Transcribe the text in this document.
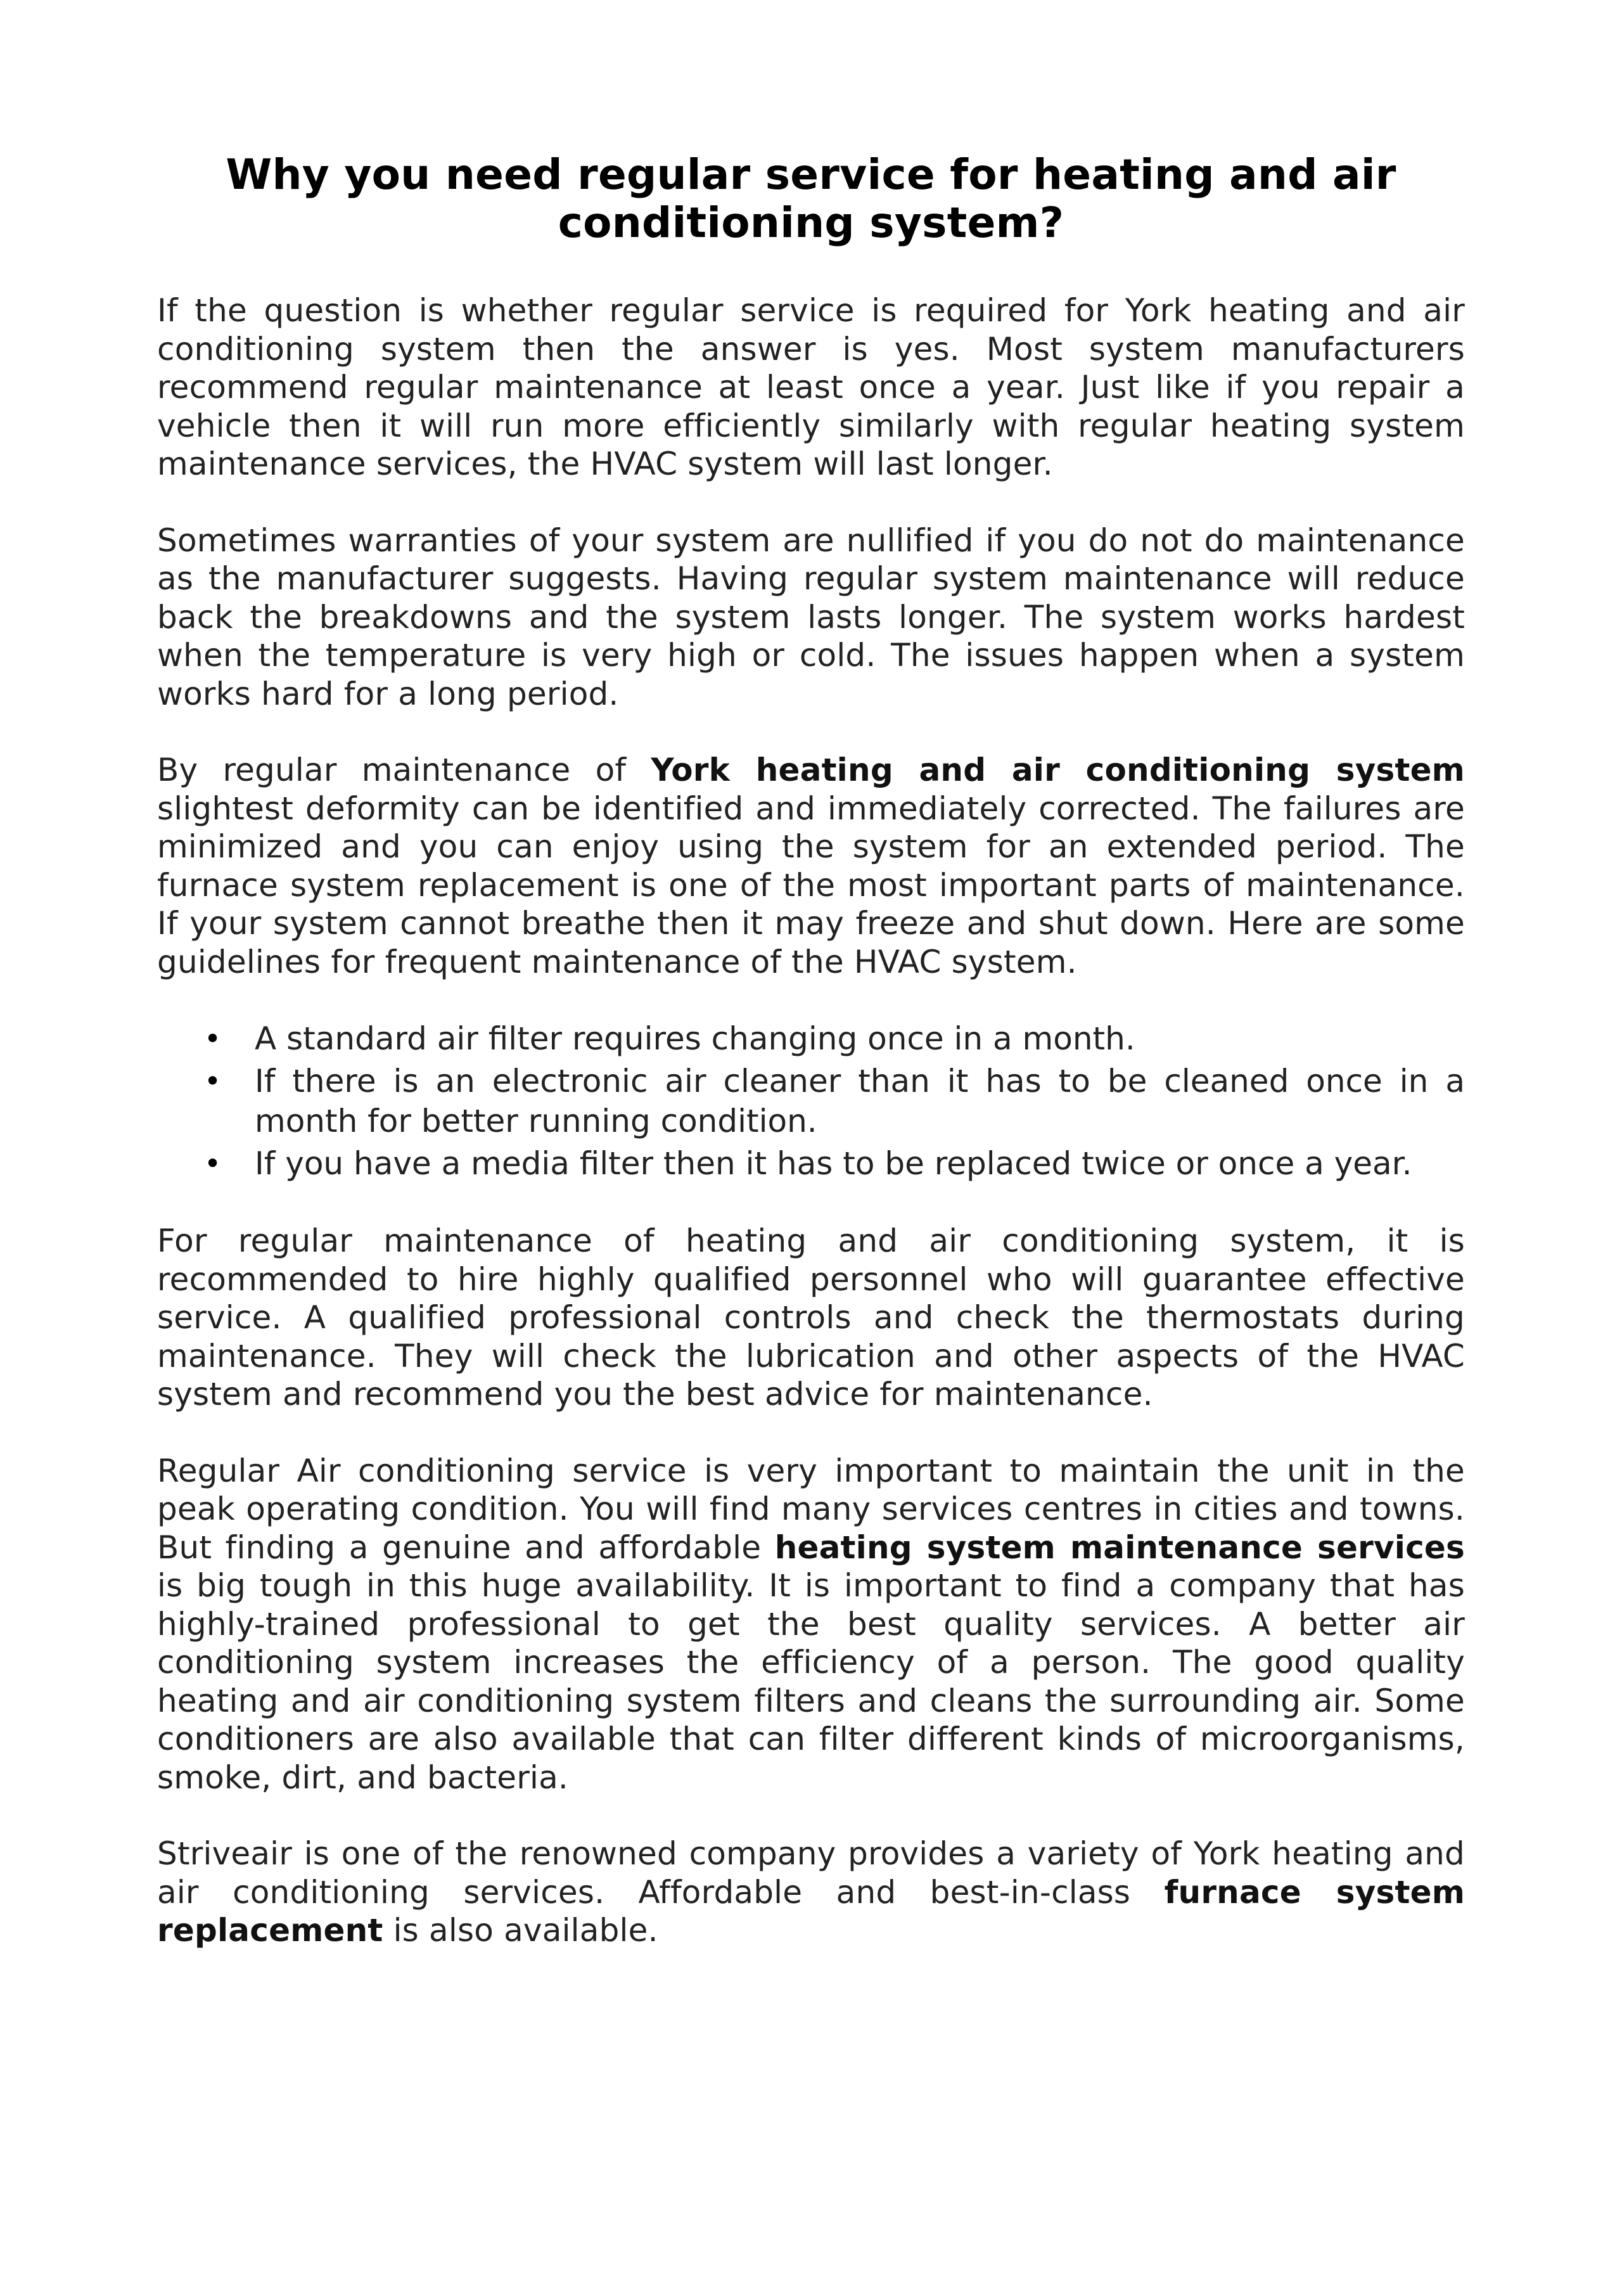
Why you need regular service for heating and air conditioning system?

If the question is whether regular service is required for York heating and air conditioning system then the answer is yes. Most system manufacturers recommend regular maintenance at least once a year. Just like if you repair a vehicle then it will run more efficiently similarly with regular heating system maintenance services, the HVAC system will last longer.

Sometimes warranties of your system are nullified if you do not do maintenance as the manufacturer suggests. Having regular system maintenance will reduce back the breakdowns and the system lasts longer. The system works hardest when the temperature is very high or cold. The issues happen when a system works hard for a long period.

By regular maintenance of York heating and air conditioning system slightest deformity can be identified and immediately corrected. The failures are minimized and you can enjoy using the system for an extended period. The furnace system replacement is one of the most important parts of maintenance. If your system cannot breathe then it may freeze and shut down. Here are some guidelines for frequent maintenance of the HVAC system.

• A standard air filter requires changing once in a month.
• If there is an electronic air cleaner than it has to be cleaned once in a month for better running condition.
• If you have a media filter then it has to be replaced twice or once a year.

For regular maintenance of heating and air conditioning system, it is recommended to hire highly qualified personnel who will guarantee effective service. A qualified professional controls and check the thermostats during maintenance. They will check the lubrication and other aspects of the HVAC system and recommend you the best advice for maintenance.

Regular Air conditioning service is very important to maintain the unit in the peak operating condition. You will find many services centres in cities and towns. But finding a genuine and affordable heating system maintenance services is big tough in this huge availability. It is important to find a company that has highly-trained professional to get the best quality services. A better air conditioning system increases the efficiency of a person. The good quality heating and air conditioning system filters and cleans the surrounding air. Some conditioners are also available that can filter different kinds of microorganisms, smoke, dirt, and bacteria.

Striveair is one of the renowned company provides a variety of York heating and air conditioning services. Affordable and best-in-class furnace system replacement is also available.
